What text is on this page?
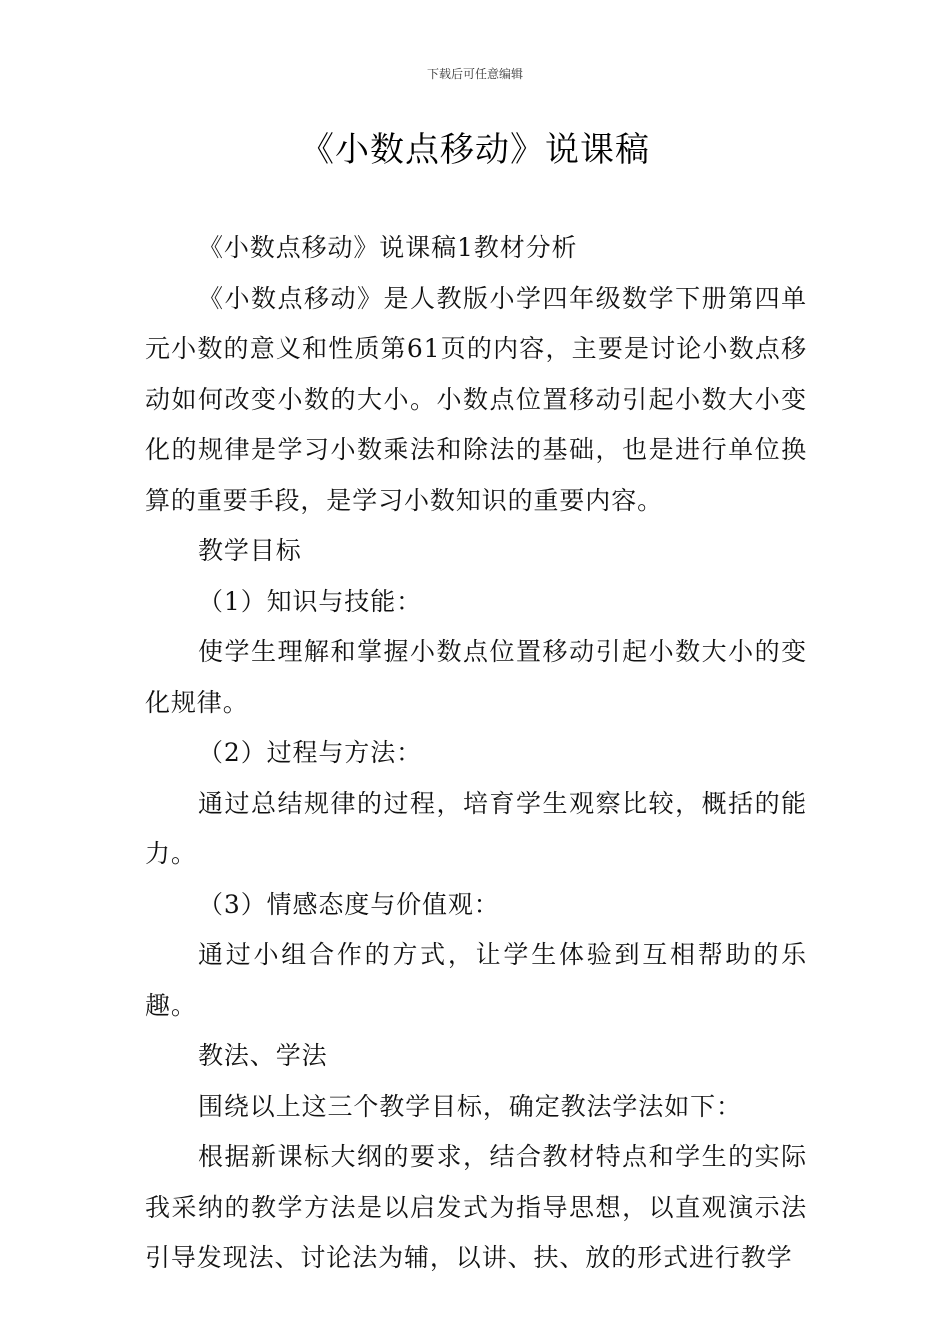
下载后可任意编辑
《小数点移动》说课稿

《小数点移动》说课稿1教材分析

《小数点移动》是人教版小学四年级数学下册第四单元小数的意义和性质第61页的内容，主要是讨论小数点移动如何改变小数的大小。小数点位置移动引起小数大小变化的规律是学习小数乘法和除法的基础，也是进行单位换算的重要手段，是学习小数知识的重要内容。

教学目标

（1）知识与技能：

使学生理解和掌握小数点位置移动引起小数大小的变化规律。

（2）过程与方法：

通过总结规律的过程，培育学生观察比较，概括的能力。

（3）情感态度与价值观：

通过小组合作的方式，让学生体验到互相帮助的乐趣。

教法、学法

围绕以上这三个教学目标，确定教法学法如下：

根据新课标大纲的要求，结合教材特点和学生的实际我采纳的教学方法是以启发式为指导思想，以直观演示法引导发现法、讨论法为辅，以讲、扶、放的形式进行教学
